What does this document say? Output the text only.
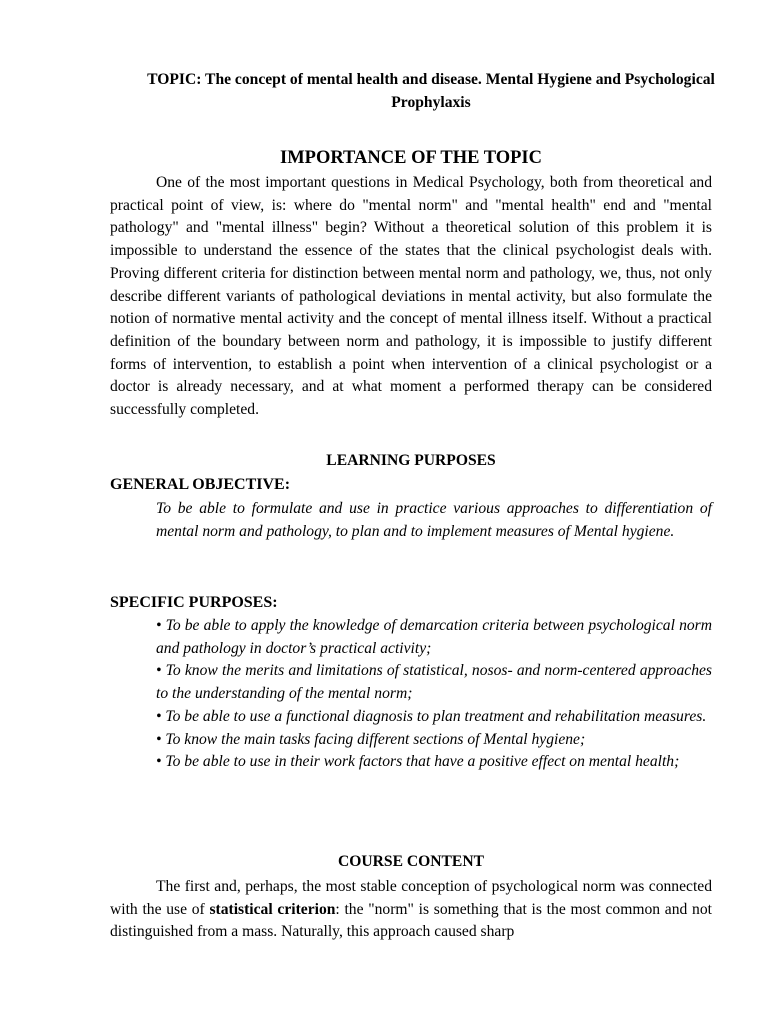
TOPIC: The concept of mental health and disease. Mental Hygiene and Psychological Prophylaxis
IMPORTANCE OF THE TOPIC

One of the most important questions in Medical Psychology, both from theoretical and practical point of view, is: where do "mental norm" and "mental health" end and "mental pathology" and "mental illness" begin? Without a theoretical solution of this problem it is impossible to understand the essence of the states that the clinical psychologist deals with. Proving different criteria for distinction between mental norm and pathology, we, thus, not only describe different variants of pathological deviations in mental activity, but also formulate the notion of normative mental activity and the concept of mental illness itself. Without a practical definition of the boundary between norm and pathology, it is impossible to justify different forms of intervention, to establish a point when intervention of a clinical psychologist or a doctor is already necessary, and at what moment a performed therapy can be considered successfully completed.

LEARNING PURPOSES
GENERAL OBJECTIVE:
To be able to formulate and use in practice various approaches to differentiation of mental norm and pathology, to plan and to implement measures of Mental hygiene.
SPECIFIC PURPOSES:
• To be able to apply the knowledge of demarcation criteria between psychological norm and pathology in doctor’s practical activity;
• To know the merits and limitations of statistical, nosos- and norm-centered approaches to the understanding of the mental norm;
• To be able to use a functional diagnosis to plan treatment and rehabilitation measures.
• To know the main tasks facing different sections of Mental hygiene;
• To be able to use in their work factors that have a positive effect on mental health;
COURSE CONTENT

The first and, perhaps, the most stable conception of psychological norm was connected with the use of statistical criterion: the "norm" is something that is the most common and not distinguished from a mass. Naturally, this approach caused sharp
